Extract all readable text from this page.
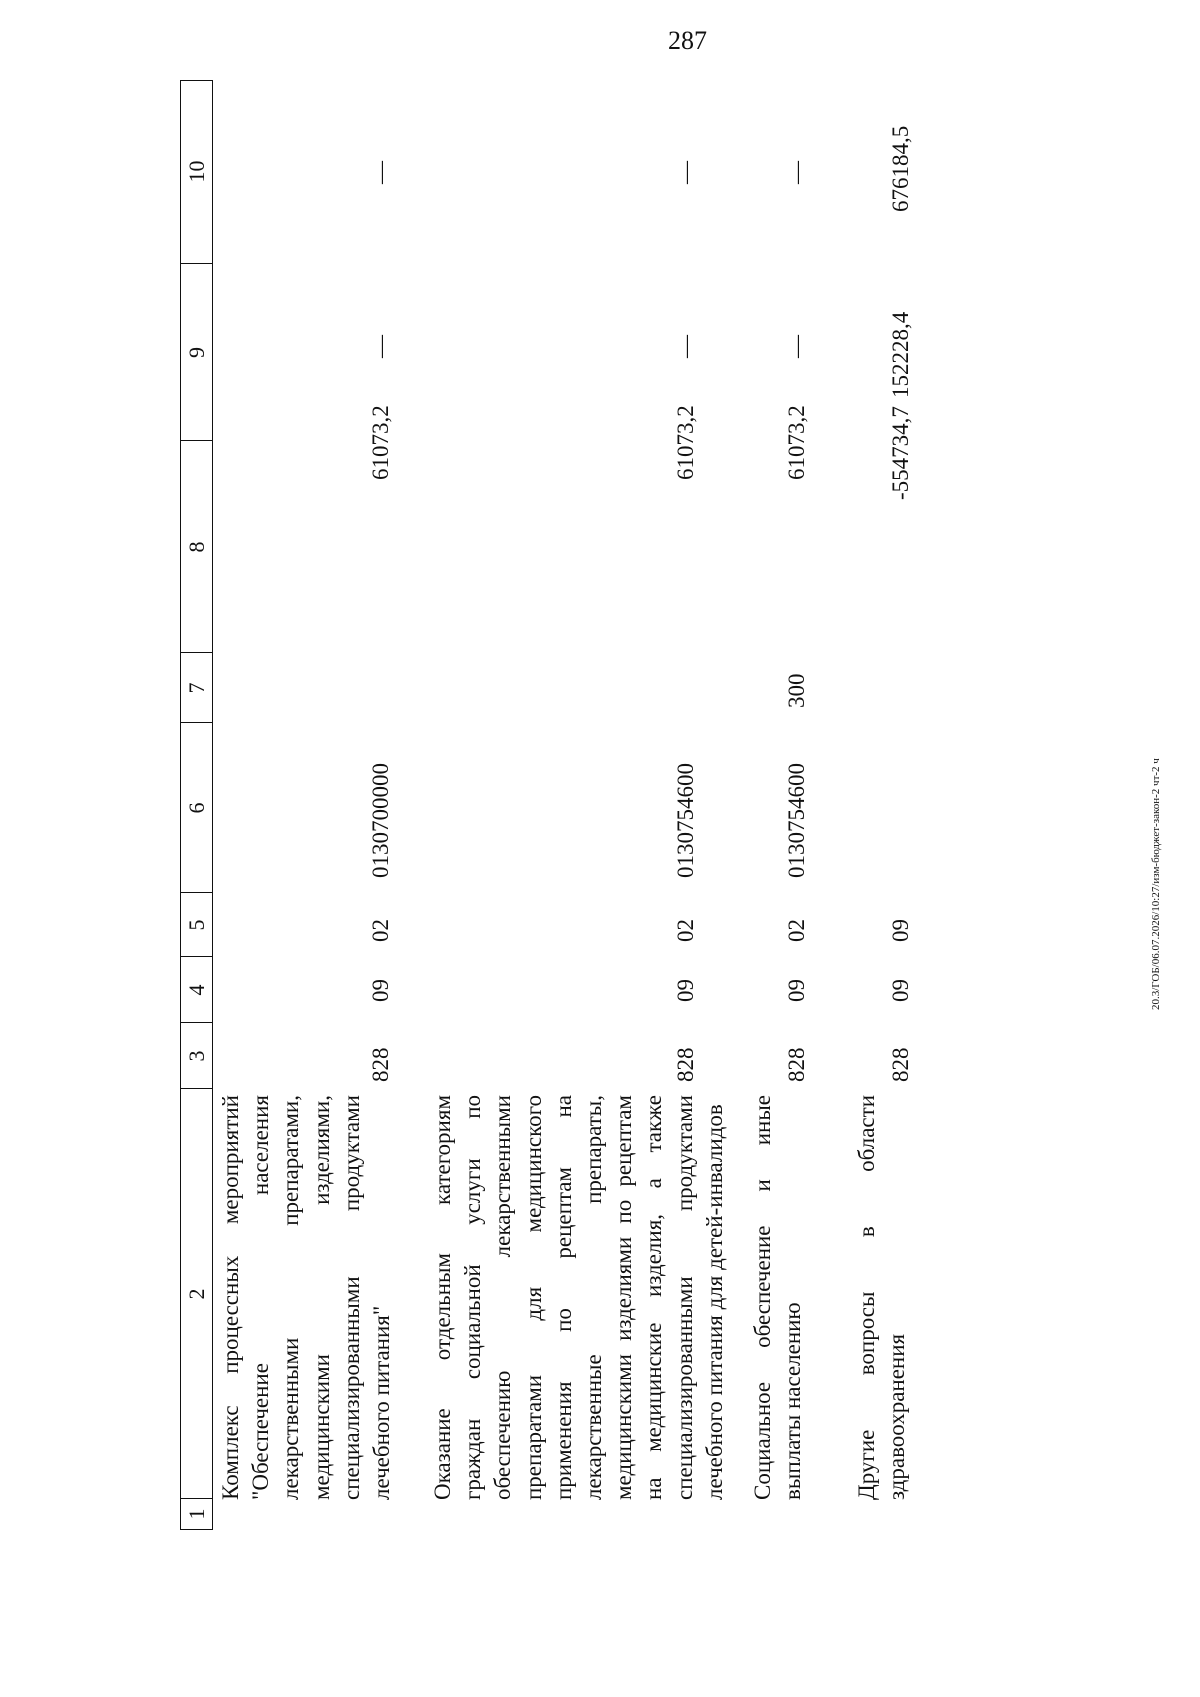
287
20.3/ГОБ/06.07.2026/10:27/изм-бюджет-закон-2 чт-2 ч
1
2
3
4
5
6
7
8
9
10
Комплекс процессных мероприятий "Обеспечение населения лекарственными препаратами, медицинскими изделиями, специализированными продуктами лечебного питания"
828
09
02
0130700000
61073,2
—
—
Оказание отдельным категориям граждан социальной услуги по обеспечению лекарственными препаратами для медицинского применения по рецептам на лекарственные препараты, медицинскими изделиями по рецептам на медицинские изделия, а также специализированными продуктами лечебного питания для детей-инвалидов
828
09
02
0130754600
61073,2
—
—
Социальное обеспечение и иные выплаты населению
828
09
02
0130754600
300
61073,2
—
—
Другие вопросы в области здравоохранения
828
09
09
-554734,7
152228,4
676184,5
